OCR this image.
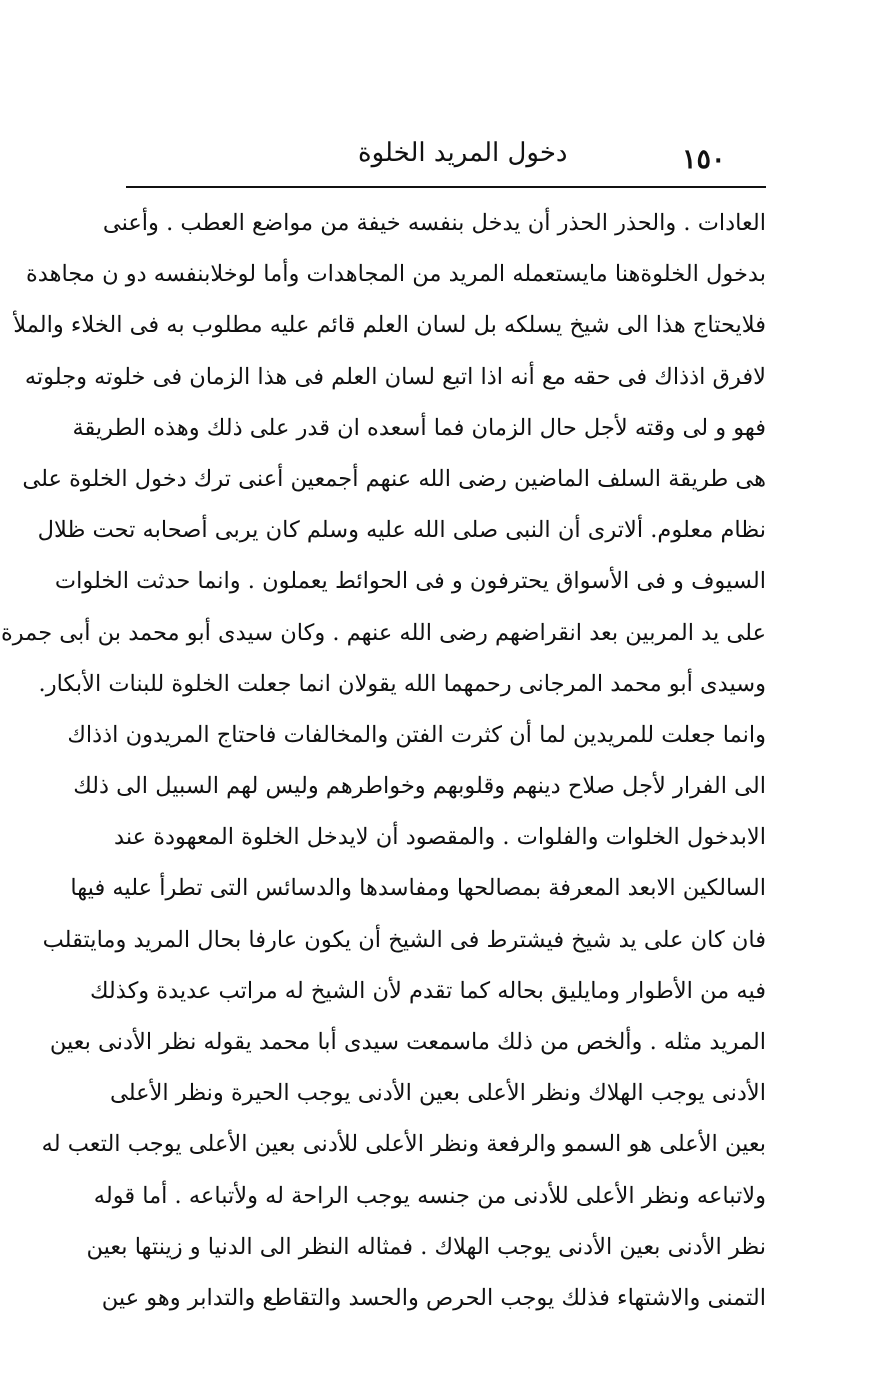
١٥٠
دخول المريد الخلوة
العادات . والحذر الحذر أن يدخل بنفسه خيفة من مواضع العطب . وأعنى
بدخول الخلوةهنا مايستعمله المريد من المجاهدات وأما لوخلابنفسه دو ن مجاهدة
فلايحتاج هذا الى شيخ يسلكه بل لسان العلم قائم عليه مطلوب به فى الخلاء والملأ
لافرق اذذاك فى حقه مع أنه اذا اتبع لسان العلم فى هذا الزمان فى خلوته وجلوته
فهو و لى وقته لأجل حال الزمان فما أسعده ان قدر على ذلك وهذه الطريقة
هى طريقة السلف الماضين رضى الله عنهم أجمعين أعنى ترك دخول الخلوة على
نظام معلوم. ألاترى أن النبى صلى الله عليه وسلم كان يربى أصحابه تحت ظلال
السيوف و فى الأسواق يحترفون و فى الحوائط يعملون . وانما حدثت الخلوات
على يد المربين بعد انقراضهم رضى الله عنهم . وكان سيدى أبو محمد بن أبى جمرة
وسيدى أبو محمد المرجانى رحمهما الله يقولان انما جعلت الخلوة للبنات الأبكار.
وانما جعلت للمريدين لما أن كثرت الفتن والمخالفات فاحتاج المريدون اذذاك
الى الفرار لأجل صلاح دينهم وقلوبهم وخواطرهم وليس لهم السبيل الى ذلك
الابدخول الخلوات والفلوات . والمقصود أن لايدخل الخلوة المعهودة عند
السالكين الابعد المعرفة بمصالحها ومفاسدها والدسائس التى تطرأ عليه فيها
فان كان على يد شيخ فيشترط فى الشيخ أن يكون عارفا بحال المريد ومايتقلب
فيه من الأطوار ومايليق بحاله كما تقدم لأن الشيخ له مراتب عديدة وكذلك
المريد مثله . وألخص من ذلك ماسمعت سيدى أبا محمد يقوله نظر الأدنى بعين
الأدنى يوجب الهلاك ونظر الأعلى بعين الأدنى يوجب الحيرة ونظر الأعلى
بعين الأعلى هو السمو والرفعة ونظر الأعلى للأدنى بعين الأعلى يوجب التعب له
ولاتباعه ونظر الأعلى للأدنى من جنسه يوجب الراحة له ولأتباعه . أما قوله
نظر الأدنى بعين الأدنى يوجب الهلاك . فمثاله النظر الى الدنيا و زينتها بعين
التمنى والاشتهاء فذلك يوجب الحرص والحسد والتقاطع والتدابر وهو عين
